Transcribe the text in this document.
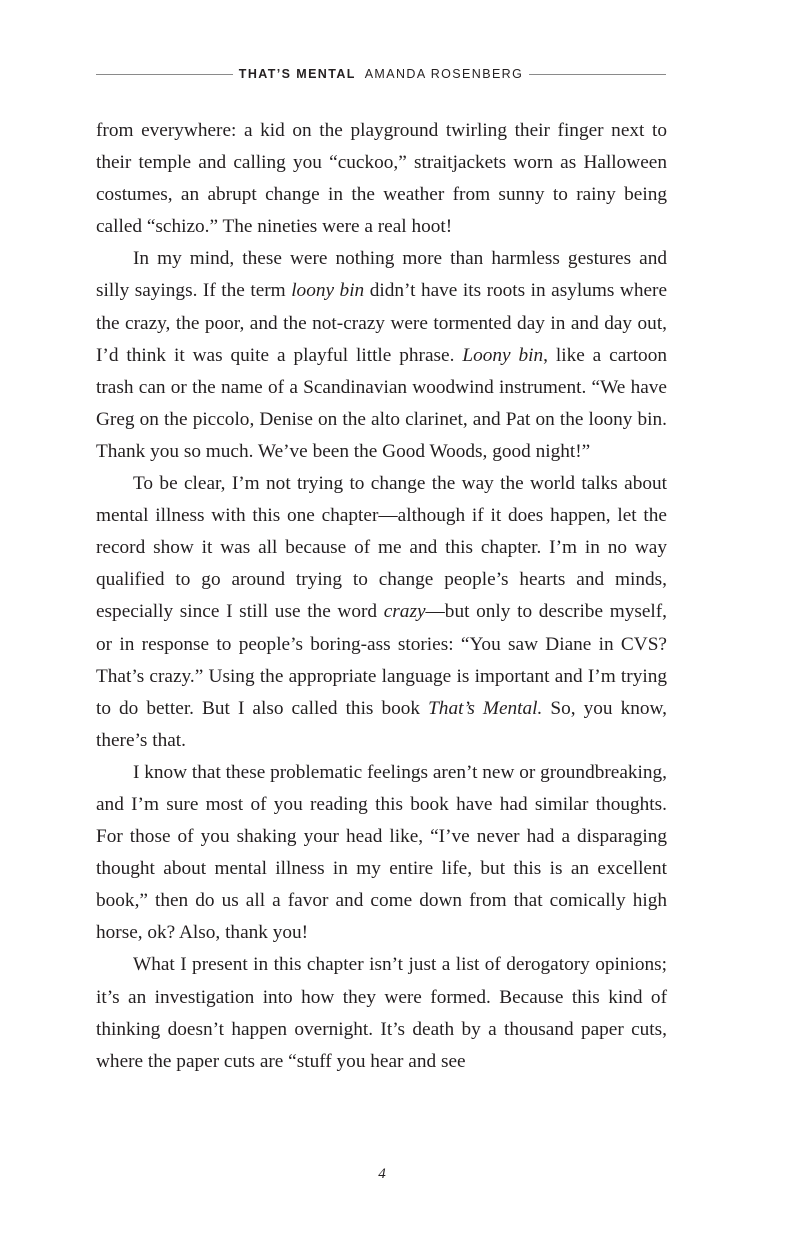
THAT’S MENTAL AMANDA ROSENBERG

from everywhere: a kid on the playground twirling their finger next to their temple and calling you “cuckoo,” straitjackets worn as Halloween costumes, an abrupt change in the weather from sunny to rainy being called “schizo.” The nineties were a real hoot!

In my mind, these were nothing more than harmless gestures and silly sayings. If the term loony bin didn’t have its roots in asylums where the crazy, the poor, and the not-crazy were tormented day in and day out, I’d think it was quite a playful little phrase. Loony bin, like a cartoon trash can or the name of a Scandinavian woodwind instrument. “We have Greg on the piccolo, Denise on the alto clarinet, and Pat on the loony bin. Thank you so much. We’ve been the Good Woods, good night!”

To be clear, I’m not trying to change the way the world talks about mental illness with this one chapter—although if it does happen, let the record show it was all because of me and this chapter. I’m in no way qualified to go around trying to change people’s hearts and minds, especially since I still use the word crazy—but only to describe myself, or in response to people’s boring-ass stories: “You saw Diane in CVS? That’s crazy.” Using the appropriate language is important and I’m trying to do better. But I also called this book That’s Mental. So, you know, there’s that.

I know that these problematic feelings aren’t new or groundbreaking, and I’m sure most of you reading this book have had similar thoughts. For those of you shaking your head like, “I’ve never had a disparaging thought about mental illness in my entire life, but this is an excellent book,” then do us all a favor and come down from that comically high horse, ok? Also, thank you!

What I present in this chapter isn’t just a list of derogatory opinions; it’s an investigation into how they were formed. Because this kind of thinking doesn’t happen overnight. It’s death by a thousand paper cuts, where the paper cuts are “stuff you hear and see

4
